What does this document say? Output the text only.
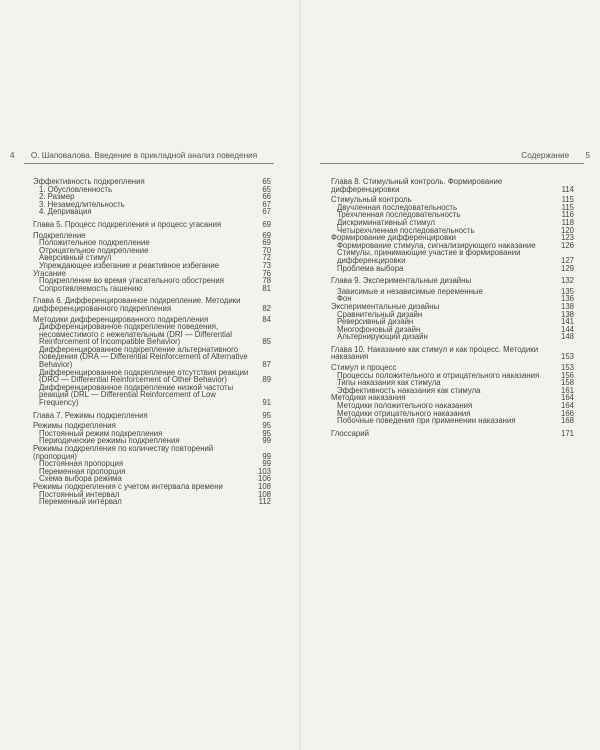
4 О. Шаповалова. Введение в прикладной анализ поведения
Эффективность подкрепления	65
1. Обусловленность	65
2. Размер	66
3. Незамедлительность	67
4. Депривация	67
Глава 5. Процесс подкрепления и процесс угасания	69
Подкрепление	69
Положительное подкрепление	69
Отрицательное подкрепление	70
Аверсивный стимул	72
Упреждающее избегание и реактивное избегание	73
Угасание	76
Подкрепление во время угасательного обострения	78
Сопротивляемость гашению	81
Глава 6. Дифференцированное подкрепление. Методики дифференцированного подкрепления	82
Методики дифференцированного подкрепления	84
Дифференцированное подкрепление поведения, несовместимого с нежелательным (DRI — Differential Reinforcement of Incompatible Behavior)	85
Дифференцированное подкрепление альтернативного поведения (DRA — Differential Reinforcement of Alternative Behavior)	87
Дифференцированное подкрепление отсутствия реакции (DRO — Differential Reinforcement of Other Behavior)	89
Дифференцированное подкрепление низкой частоты реакций (DRL — Differential Reinforcement of Low Frequency)	91
Глава 7. Режимы подкрепления	95
Режимы подкрепления	95
Постоянный режим подкрепления	95
Периодические режимы подкрепления	99
Режимы подкрепления по количеству повторений (пропорция)	99
Постоянная пропорция	99
Переменная пропорция	103
Схема выбора режима	106
Режимы подкрепления с учетом интервала времени	108
Постоянный интервал	108
Переменный интервал	112
Содержание 5
Глава 8. Стимульный контроль. Формирование дифференцировки	114
Стимульный контроль	115
Двучленная последовательность	115
Трехчленная последовательность	116
Дискриминативный стимул	118
Четырехчленная последовательность	120
Формирование дифференцировки	123
Формирование стимула, сигнализирующего наказание	126
Стимулы, принимающие участие в формировании дифференцировки	127
Проблема выбора	129
Глава 9. Экспериментальные дизайны	132
Зависимые и независимые переменные	135
Фон	136
Экспериментальные дизайны	138
Сравнительный дизайн	138
Реверсивный дизайн	141
Многофоновый дизайн	144
Альтернирующий дизайн	148
Глава 10. Наказание как стимул и как процесс. Методики наказания	153
Стимул и процесс	153
Процессы положительного и отрицательного наказания	156
Типы наказания как стимула	158
Эффективность наказания как стимула	161
Методики наказания	164
Методики положительного наказания	164
Методики отрицательного наказания	166
Побочные поведения при применении наказания	168
Глоссарий	171
